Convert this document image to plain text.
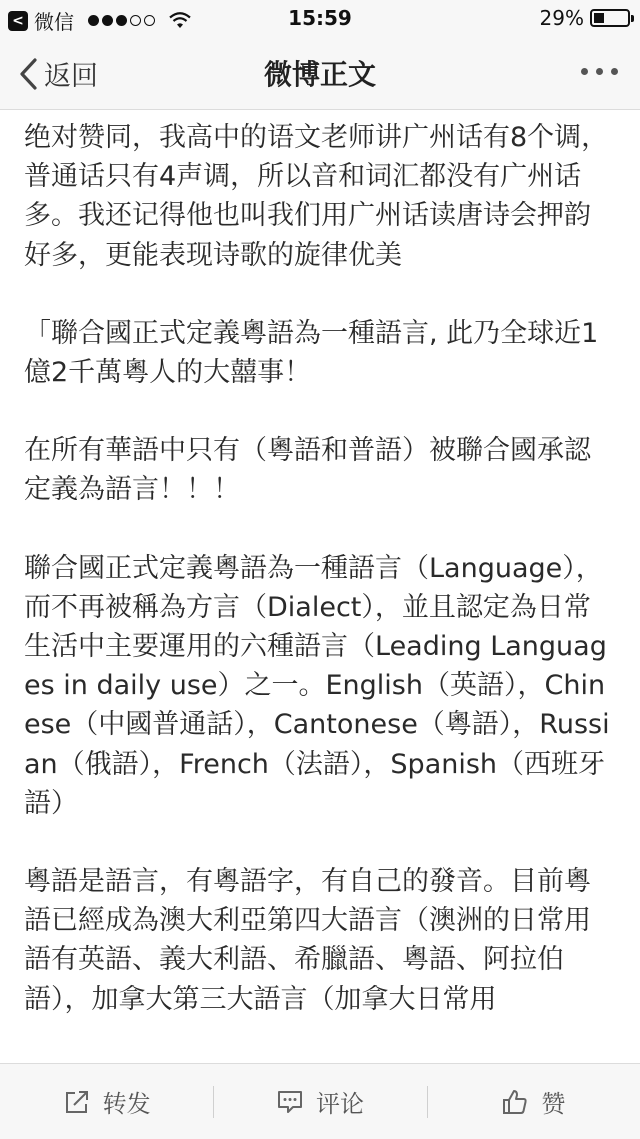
< 微信	15:59	29%
返回	微博正文

绝对赞同，我高中的语文老师讲广州话有8个调，普通话只有4声调，所以音和词汇都没有广州话多。我还记得他也叫我们用广州话读唐诗会押韵好多，更能表现诗歌的旋律优美

「聯合國正式定義粵語為一種語言, 此乃全球近1億2千萬粵人的大囍事！

在所有華語中只有（粵語和普語）被聯合國承認定義為語言！！！

聯合國正式定義粵語為一種語言（Language），而不再被稱為方言（Dialect），並且認定為日常生活中主要運用的六種語言（Leading Languages in daily use）之一。English（英語），Chinese（中國普通話），Cantonese（粵語），Russian（俄語），French（法語），Spanish（西班牙語）

粵語是語言，有粵語字，有自己的發音。目前粵語已經成為澳大利亞第四大語言（澳洲的日常用語有英語、義大利語、希臘語、粵語、阿拉伯語），加拿大第三大語言（加拿大日常用

转发	评论	赞
